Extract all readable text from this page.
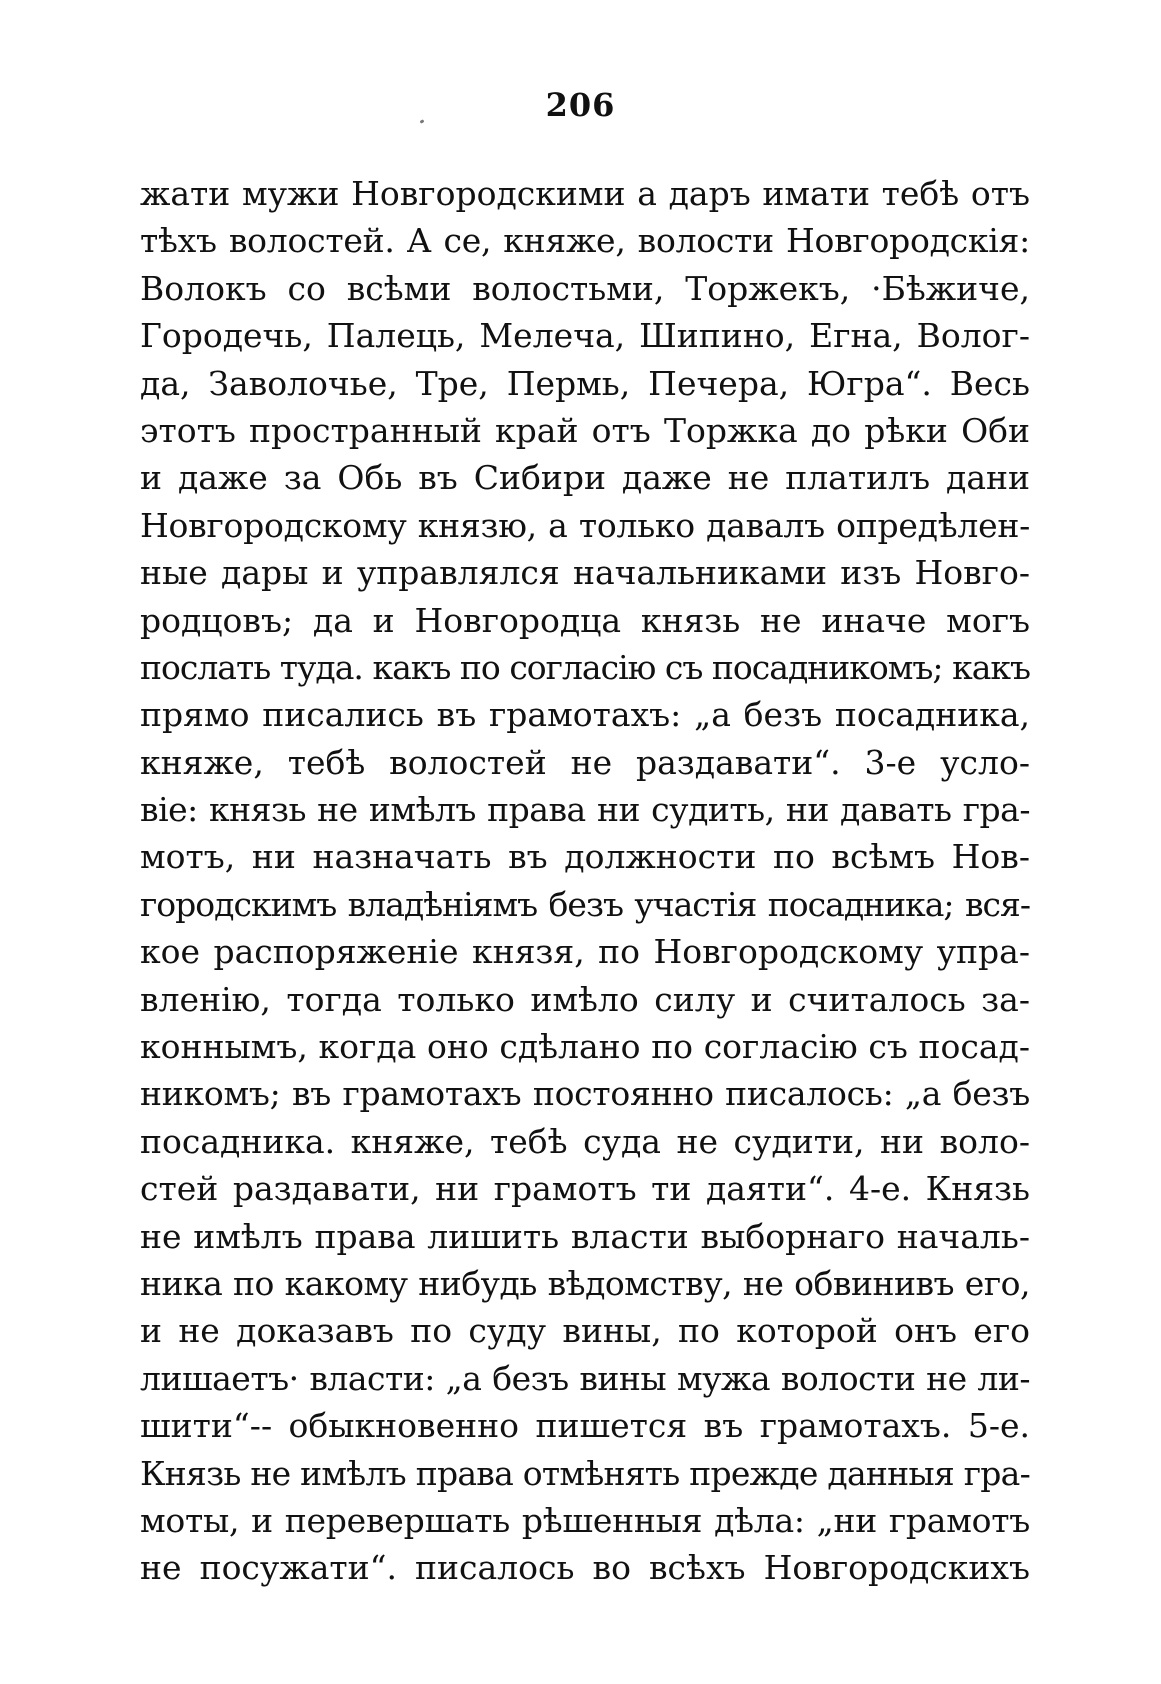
206
жати мужи Новгородскими а даръ имати тебѣ отъ
тѣхъ волостей. А се, княже, волости Новгородскія:
Волокъ со всѣми волостьми, Торжекъ, ·Бѣжиче,
Городечь, Палець, Мелеча, Шипино, Егна, Волог-
да, Заволочье, Тре, Пермь, Печера, Югра“. Весь
этотъ пространный край отъ Торжка до рѣки Оби
и даже за Обь въ Сибири даже не платилъ дани
Новгородскому князю, а только давалъ опредѣлен-
ные дары и управлялся начальниками изъ Новго-
родцовъ; да и Новгородца князь не иначе могъ
послать туда. какъ по согласію съ посадникомъ; какъ
прямо писались въ грамотахъ: „а безъ посадника,
княже, тебѣ волостей не раздавати“. 3-е усло-
віе: князь не имѣлъ права ни судить, ни давать гра-
мотъ, ни назначать въ должности по всѣмъ Нов-
городскимъ владѣніямъ безъ участія посадника; вся-
кое распоряженіе князя, по Новгородскому упра-
вленію, тогда только имѣло силу и считалось за-
коннымъ, когда оно сдѣлано по согласію съ посад-
никомъ; въ грамотахъ постоянно писалось: „а безъ
посадника. княже, тебѣ суда не судити, ни воло-
стей раздавати, ни грамотъ ти даяти“. 4-е. Князь
не имѣлъ права лишить власти выборнаго началь-
ника по какому нибудь вѣдомству, не обвинивъ его,
и не доказавъ по суду вины, по которой онъ его
лишаетъ· власти: „а безъ вины мужа волости не ли-
шити“-- обыкновенно пишется въ грамотахъ. 5-е.
Князь не имѣлъ права отмѣнять прежде данныя гра-
моты, и перевершать рѣшенныя дѣла: „ни грамотъ
не посужати“. писалось во всѣхъ Новгородскихъ
